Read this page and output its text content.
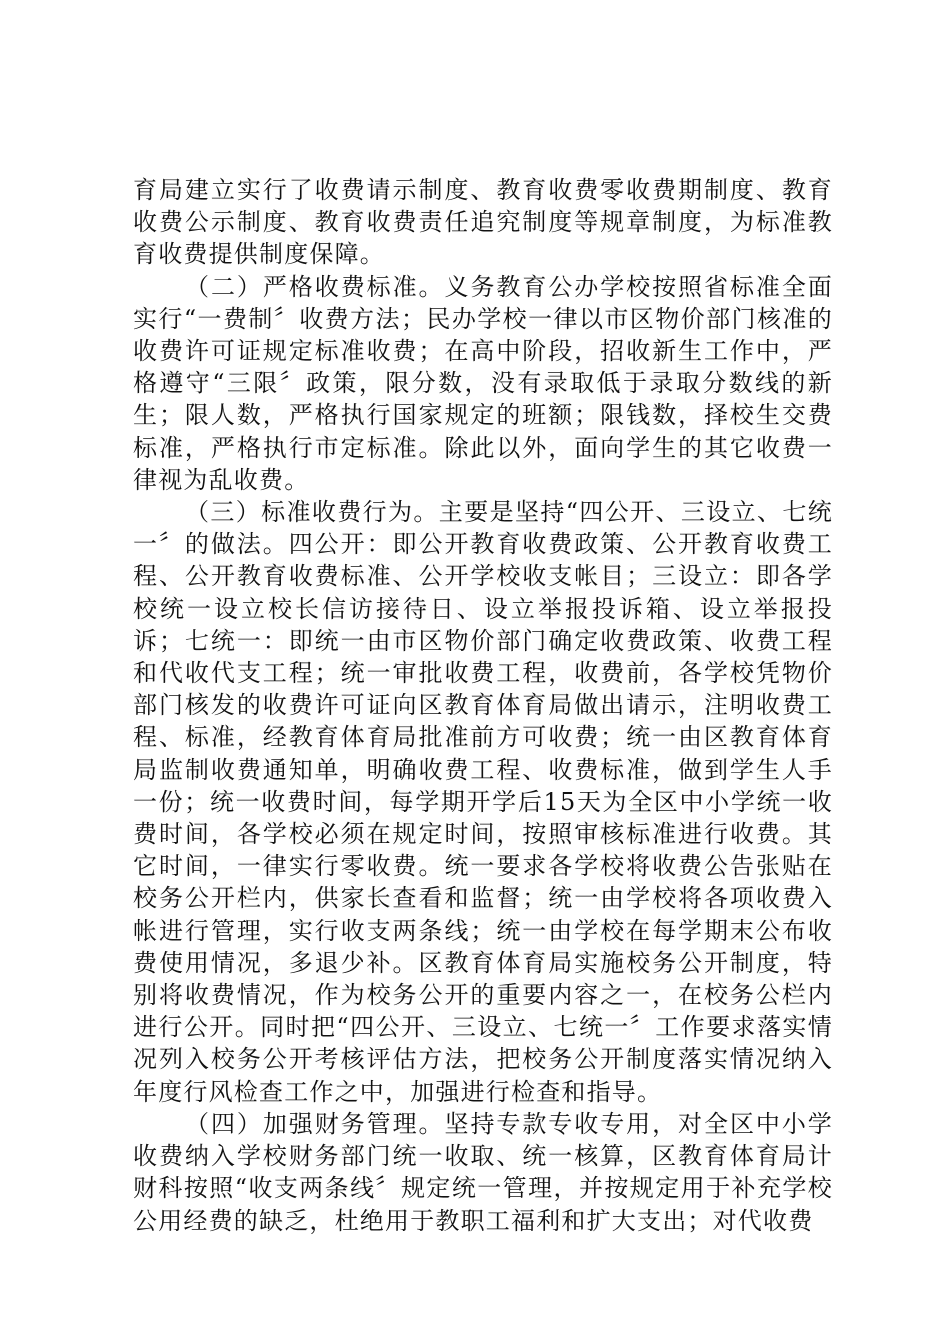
育局建立实行了收费请示制度、教育收费零收费期制度、教育收费公示制度、教育收费责任追究制度等规章制度，为标准教育收费提供制度保障。

（二）严格收费标准。义务教育公办学校按照省标准全面实行“一费制〞收费方法；民办学校一律以市区物价部门核准的收费许可证规定标准收费；在高中阶段，招收新生工作中，严格遵守“三限〞政策，限分数，没有录取低于录取分数线的新生；限人数，严格执行国家规定的班额；限钱数，择校生交费标准，严格执行市定标准。除此以外，面向学生的其它收费一律视为乱收费。

（三）标准收费行为。主要是坚持“四公开、三设立、七统一〞的做法。四公开：即公开教育收费政策、公开教育收费工程、公开教育收费标准、公开学校收支帐目；三设立：即各学校统一设立校长信访接待日、设立举报投诉箱、设立举报投诉；七统一：即统一由市区物价部门确定收费政策、收费工程和代收代支工程；统一审批收费工程，收费前，各学校凭物价部门核发的收费许可证向区教育体育局做出请示，注明收费工程、标准，经教育体育局批准前方可收费；统一由区教育体育局监制收费通知单，明确收费工程、收费标准，做到学生人手一份；统一收费时间，每学期开学后15天为全区中小学统一收费时间，各学校必须在规定时间，按照审核标准进行收费。其它时间，一律实行零收费。统一要求各学校将收费公告张贴在校务公开栏内，供家长查看和监督；统一由学校将各项收费入帐进行管理，实行收支两条线；统一由学校在每学期末公布收费使用情况，多退少补。区教育体育局实施校务公开制度，特别将收费情况，作为校务公开的重要内容之一，在校务公栏内进行公开。同时把“四公开、三设立、七统一〞工作要求落实情况列入校务公开考核评估方法，把校务公开制度落实情况纳入年度行风检查工作之中，加强进行检查和指导。

（四）加强财务管理。坚持专款专收专用，对全区中小学收费纳入学校财务部门统一收取、统一核算，区教育体育局计财科按照“收支两条线〞规定统一管理，并按规定用于补充学校公用经费的缺乏，杜绝用于教职工福利和扩大支出；对代收费
